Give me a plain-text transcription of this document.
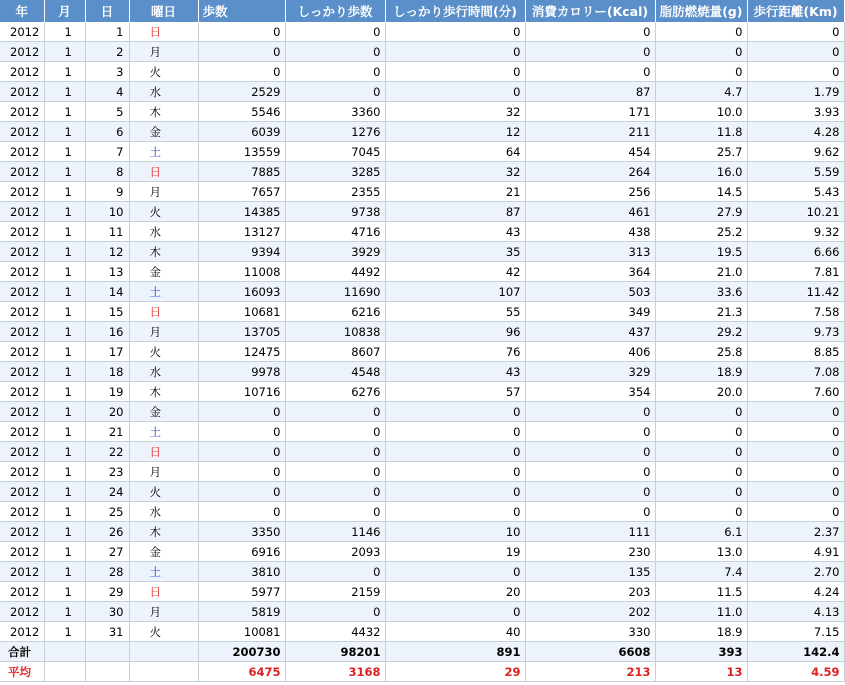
年	月	日	曜日	歩数	しっかり歩数	しっかり歩行時間(分)	消費カロリー(Kcal)	脂肪燃焼量(g)	歩行距離(Km)
2012	1	1	日	0	0	0	0	0	0
2012	1	2	月	0	0	0	0	0	0
2012	1	3	火	0	0	0	0	0	0
2012	1	4	水	2529	0	0	87	4.7	1.79
2012	1	5	木	5546	3360	32	171	10.0	3.93
2012	1	6	金	6039	1276	12	211	11.8	4.28
2012	1	7	土	13559	7045	64	454	25.7	9.62
2012	1	8	日	7885	3285	32	264	16.0	5.59
2012	1	9	月	7657	2355	21	256	14.5	5.43
2012	1	10	火	14385	9738	87	461	27.9	10.21
2012	1	11	水	13127	4716	43	438	25.2	9.32
2012	1	12	木	9394	3929	35	313	19.5	6.66
2012	1	13	金	11008	4492	42	364	21.0	7.81
2012	1	14	土	16093	11690	107	503	33.6	11.42
2012	1	15	日	10681	6216	55	349	21.3	7.58
2012	1	16	月	13705	10838	96	437	29.2	9.73
2012	1	17	火	12475	8607	76	406	25.8	8.85
2012	1	18	水	9978	4548	43	329	18.9	7.08
2012	1	19	木	10716	6276	57	354	20.0	7.60
2012	1	20	金	0	0	0	0	0	0
2012	1	21	土	0	0	0	0	0	0
2012	1	22	日	0	0	0	0	0	0
2012	1	23	月	0	0	0	0	0	0
2012	1	24	火	0	0	0	0	0	0
2012	1	25	水	0	0	0	0	0	0
2012	1	26	木	3350	1146	10	111	6.1	2.37
2012	1	27	金	6916	2093	19	230	13.0	4.91
2012	1	28	土	3810	0	0	135	7.4	2.70
2012	1	29	日	5977	2159	20	203	11.5	4.24
2012	1	30	月	5819	0	0	202	11.0	4.13
2012	1	31	火	10081	4432	40	330	18.9	7.15
合計				200730	98201	891	6608	393	142.4
平均				6475	3168	29	213	13	4.59
